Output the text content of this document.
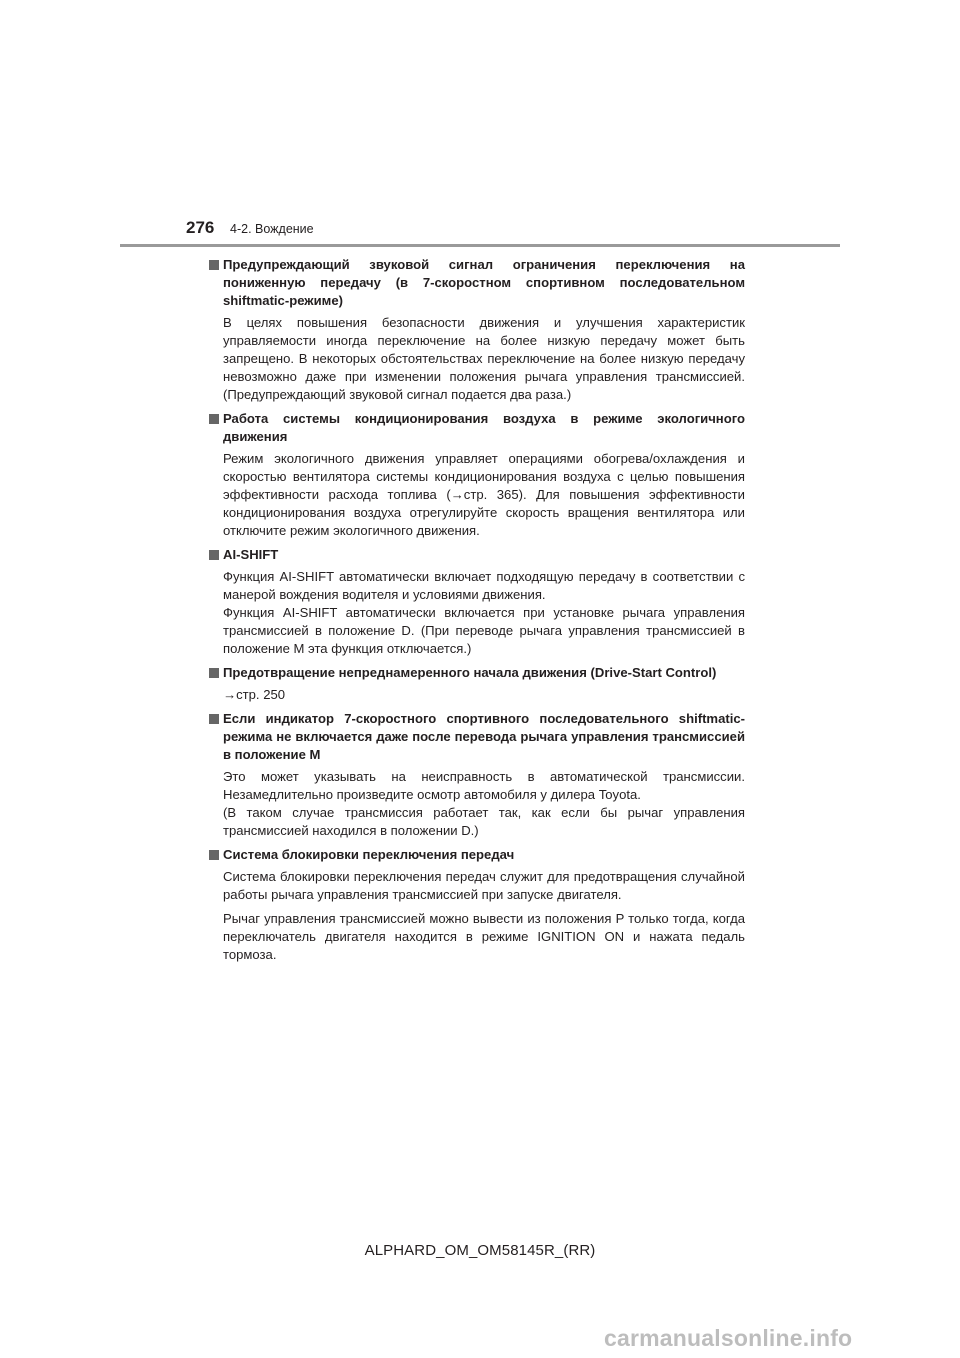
276 4-2. Вождение

Предупреждающий звуковой сигнал ограничения переключения на пониженную передачу (в 7-скоростном спортивном последовательном shiftmatic-режиме)

В целях повышения безопасности движения и улучшения характеристик управляемости иногда переключение на более низкую передачу может быть запрещено. В некоторых обстоятельствах переключение на более низкую передачу невозможно даже при изменении положения рычага управления трансмиссией. (Предупреждающий звуковой сигнал подается два раза.)

Работа системы кондиционирования воздуха в режиме экологичного движения

Режим экологичного движения управляет операциями обогрева/охлаждения и скоростью вентилятора системы кондиционирования воздуха с целью повышения эффективности расхода топлива (→стр. 365). Для повышения эффективности кондиционирования воздуха отрегулируйте скорость вращения вентилятора или отключите режим экологичного движения.

AI-SHIFT

Функция AI-SHIFT автоматически включает подходящую передачу в соответствии с манерой вождения водителя и условиями движения.

Функция AI-SHIFT автоматически включается при установке рычага управления трансмиссией в положение D. (При переводе рычага управления трансмиссией в положение M эта функция отключается.)

Предотвращение непреднамеренного начала движения (Drive-Start Control)

→стр. 250

Если индикатор 7-скоростного спортивного последовательного shiftmatic-режима не включается даже после перевода рычага управления трансмиссией в положение M

Это может указывать на неисправность в автоматической трансмиссии. Незамедлительно произведите осмотр автомобиля у дилера Toyota.

(В таком случае трансмиссия работает так, как если бы рычаг управления трансмиссией находился в положении D.)

Система блокировки переключения передач

Система блокировки переключения передач служит для предотвращения случайной работы рычага управления трансмиссией при запуске двигателя.

Рычаг управления трансмиссией можно вывести из положения P только тогда, когда переключатель двигателя находится в режиме IGNITION ON и нажата педаль тормоза.

ALPHARD_OM_OM58145R_(RR)
carmanualsonline.info
